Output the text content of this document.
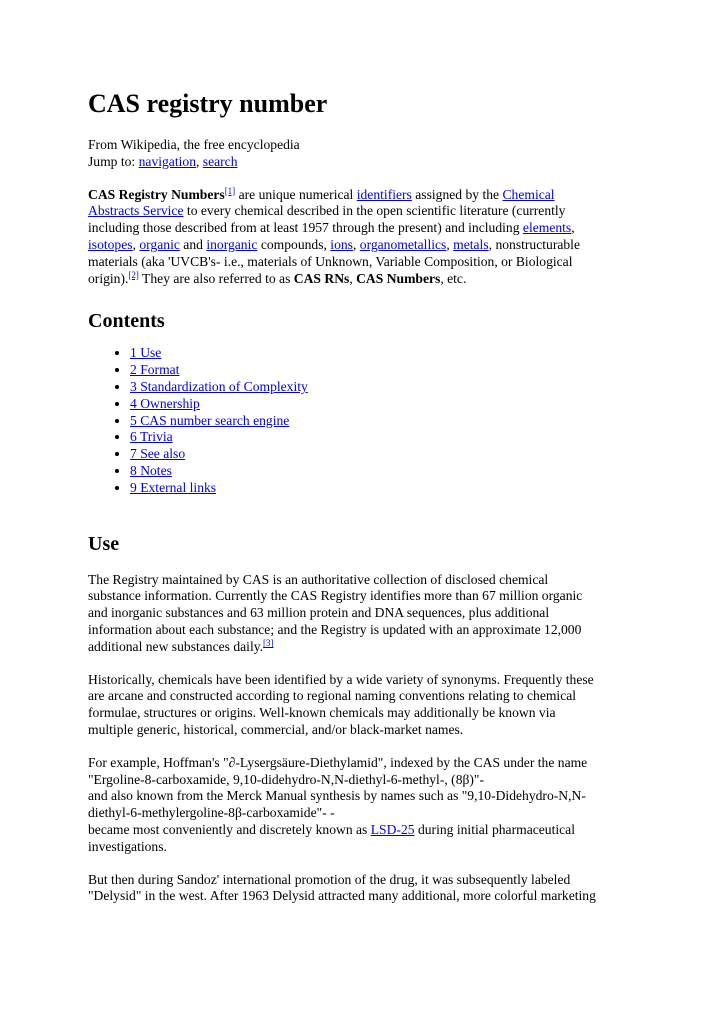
CAS registry number

From Wikipedia, the free encyclopedia

Jump to: navigation, search

CAS Registry Numbers[1] are unique numerical identifiers assigned by the Chemical
Abstracts Service to every chemical described in the open scientific literature (currently
including those described from at least 1957 through the present) and including elements,
isotopes, organic and inorganic compounds, ions, organometallics, metals, nonstructurable
materials (aka 'UVCB's- i.e., materials of Unknown, Variable Composition, or Biological
origin).[2] They are also referred to as CAS RNs, CAS Numbers, etc.

Contents
• 1 Use
• 2 Format
• 3 Standardization of Complexity
• 4 Ownership
• 5 CAS number search engine
• 6 Trivia
• 7 See also
• 8 Notes
• 9 External links
Use

The Registry maintained by CAS is an authoritative collection of disclosed chemical
substance information. Currently the CAS Registry identifies more than 67 million organic
and inorganic substances and 63 million protein and DNA sequences, plus additional
information about each substance; and the Registry is updated with an approximate 12,000
additional new substances daily.[3]

Historically, chemicals have been identified by a wide variety of synonyms. Frequently these
are arcane and constructed according to regional naming conventions relating to chemical
formulae, structures or origins. Well-known chemicals may additionally be known via
multiple generic, historical, commercial, and/or black-market names.

For example, Hoffman's "∂-Lysergsäure-Diethylamid", indexed by the CAS under the name
"Ergoline-8-carboxamide, 9,10-didehydro-N,N-diethyl-6-methyl-, (8β)"-
and also known from the Merck Manual synthesis by names such as "9,10-Didehydro-N,N-
diethyl-6-methylergoline-8β-carboxamide"- -
became most conveniently and discretely known as LSD-25 during initial pharmaceutical
investigations.

But then during Sandoz' international promotion of the drug, it was subsequently labeled
"Delysid" in the west. After 1963 Delysid attracted many additional, more colorful marketing
